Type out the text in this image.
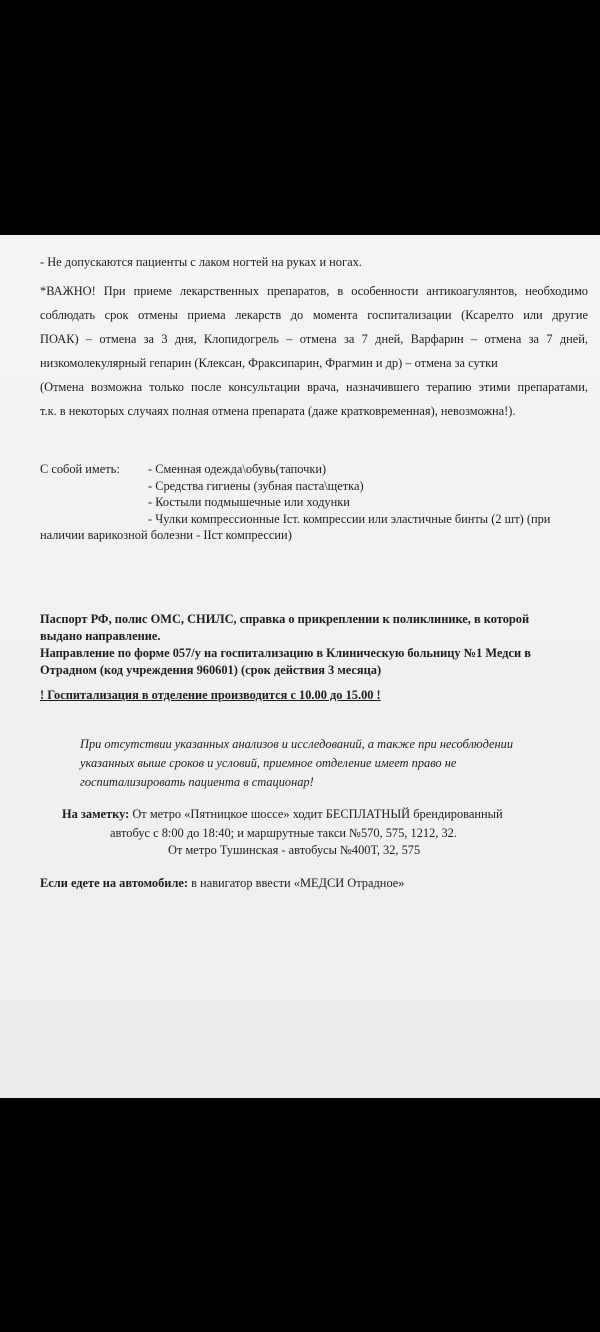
- Не допускаются пациенты с лаком ногтей на руках и ногах.
*ВАЖНО! При приеме лекарственных препаратов, в особенности антикоагулянтов, необходимо
соблюдать срок отмены приема лекарств до момента госпитализации (Ксарелто или другие
ПОАК) – отмена за 3 дня, Клопидогрель – отмена за 7 дней, Варфарин – отмена за 7 дней,
низкомолекулярный гепарин (Клексан, Фраксипарин, Фрагмин и др) – отмена за сутки
(Отмена возможна только после консультации врача, назначившего терапию этими препаратами,
т.к. в некоторых случаях полная отмена препарата (даже кратковременная), невозможна!).
С собой иметь: - Сменная одежда\обувь(тапочки)
- Средства гигиены (зубная паста\щетка)
- Костыли подмышечные или ходунки
- Чулки компрессионные Iст. компрессии или эластичные бинты (2 шт) (при
наличии варикозной болезни - IIст компрессии)
Паспорт РФ, полис ОМС, СНИЛС, справка о прикреплении к поликлинике, в которой
выдано направление.
Направление по форме 057/у на госпитализацию в Клиническую больницу №1 Медси в
Отрадном (код учреждения 960601) (срок действия 3 месяца)
! Госпитализация в отделение производится с 10.00 до 15.00 !
При отсутствии указанных анализов и исследований, а также при несоблюдении
указанных выше сроков и условий, приемное отделение имеет право не
госпитализировать пациента в стационар!
На заметку: От метро «Пятницкое шоссе» ходит БЕСПЛАТНЫЙ брендированный
автобус с 8:00 до 18:40; и маршрутные такси №570, 575, 1212, 32.
От метро Тушинская - автобусы №400Т, 32, 575
Если едете на автомобиле: в навигатор ввести «МЕДСИ Отрадное»
